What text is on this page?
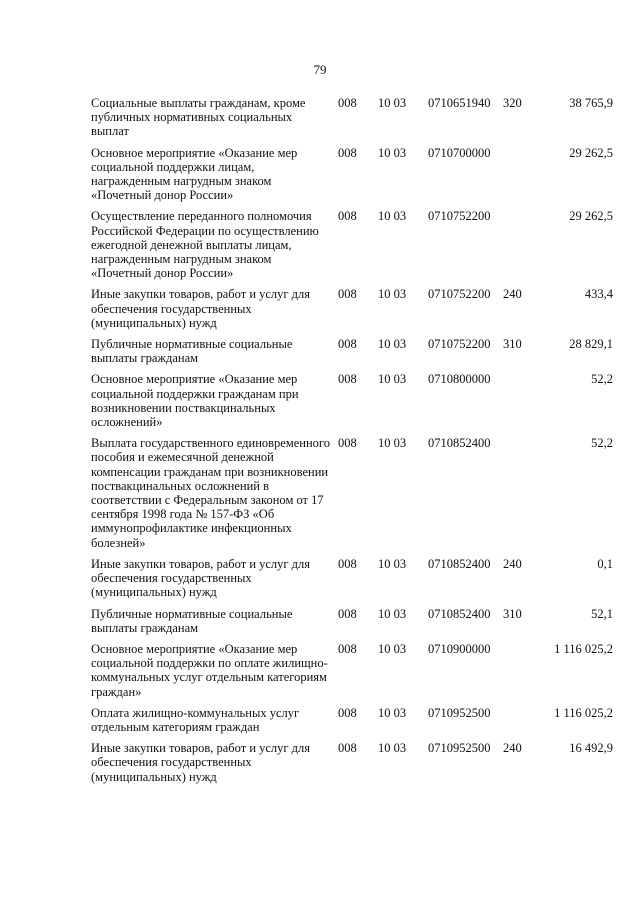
79
Социальные выплаты гражданам, кроме публичных нормативных социальных выплат
008 10 03 0710651940 320	38 765,9
Основное мероприятие «Оказание мер социальной поддержки лицам, награжденным нагрудным знаком «Почетный донор России»
008 10 03 0710700000	29 262,5
Осуществление переданного полномочия Российской Федерации по осуществлению ежегодной денежной выплаты лицам, награжденным нагрудным знаком «Почетный донор России»
008 10 03 0710752200	29 262,5
Иные закупки товаров, работ и услуг для обеспечения государственных (муниципальных) нужд
008 10 03 0710752200 240	433,4
Публичные нормативные социальные выплаты гражданам
008 10 03 0710752200 310	28 829,1
Основное мероприятие «Оказание мер социальной поддержки гражданам при возникновении поствакцинальных осложнений»
008 10 03 0710800000	52,2
Выплата государственного единовременного пособия и ежемесячной денежной компенсации гражданам при возникновении поствакцинальных осложнений в соответствии с Федеральным законом от 17 сентября 1998 года № 157-ФЗ «Об иммунопрофилактике инфекционных болезней»
008 10 03 0710852400	52,2
Иные закупки товаров, работ и услуг для обеспечения государственных (муниципальных) нужд
008 10 03 0710852400 240	0,1
Публичные нормативные социальные выплаты гражданам
008 10 03 0710852400 310	52,1
Основное мероприятие «Оказание мер социальной поддержки по оплате жилищно-коммунальных услуг отдельным категориям граждан»
008 10 03 0710900000	1 116 025,2
Оплата жилищно-коммунальных услуг отдельным категориям граждан
008 10 03 0710952500	1 116 025,2
Иные закупки товаров, работ и услуг для обеспечения государственных (муниципальных) нужд
008 10 03 0710952500 240	16 492,9
